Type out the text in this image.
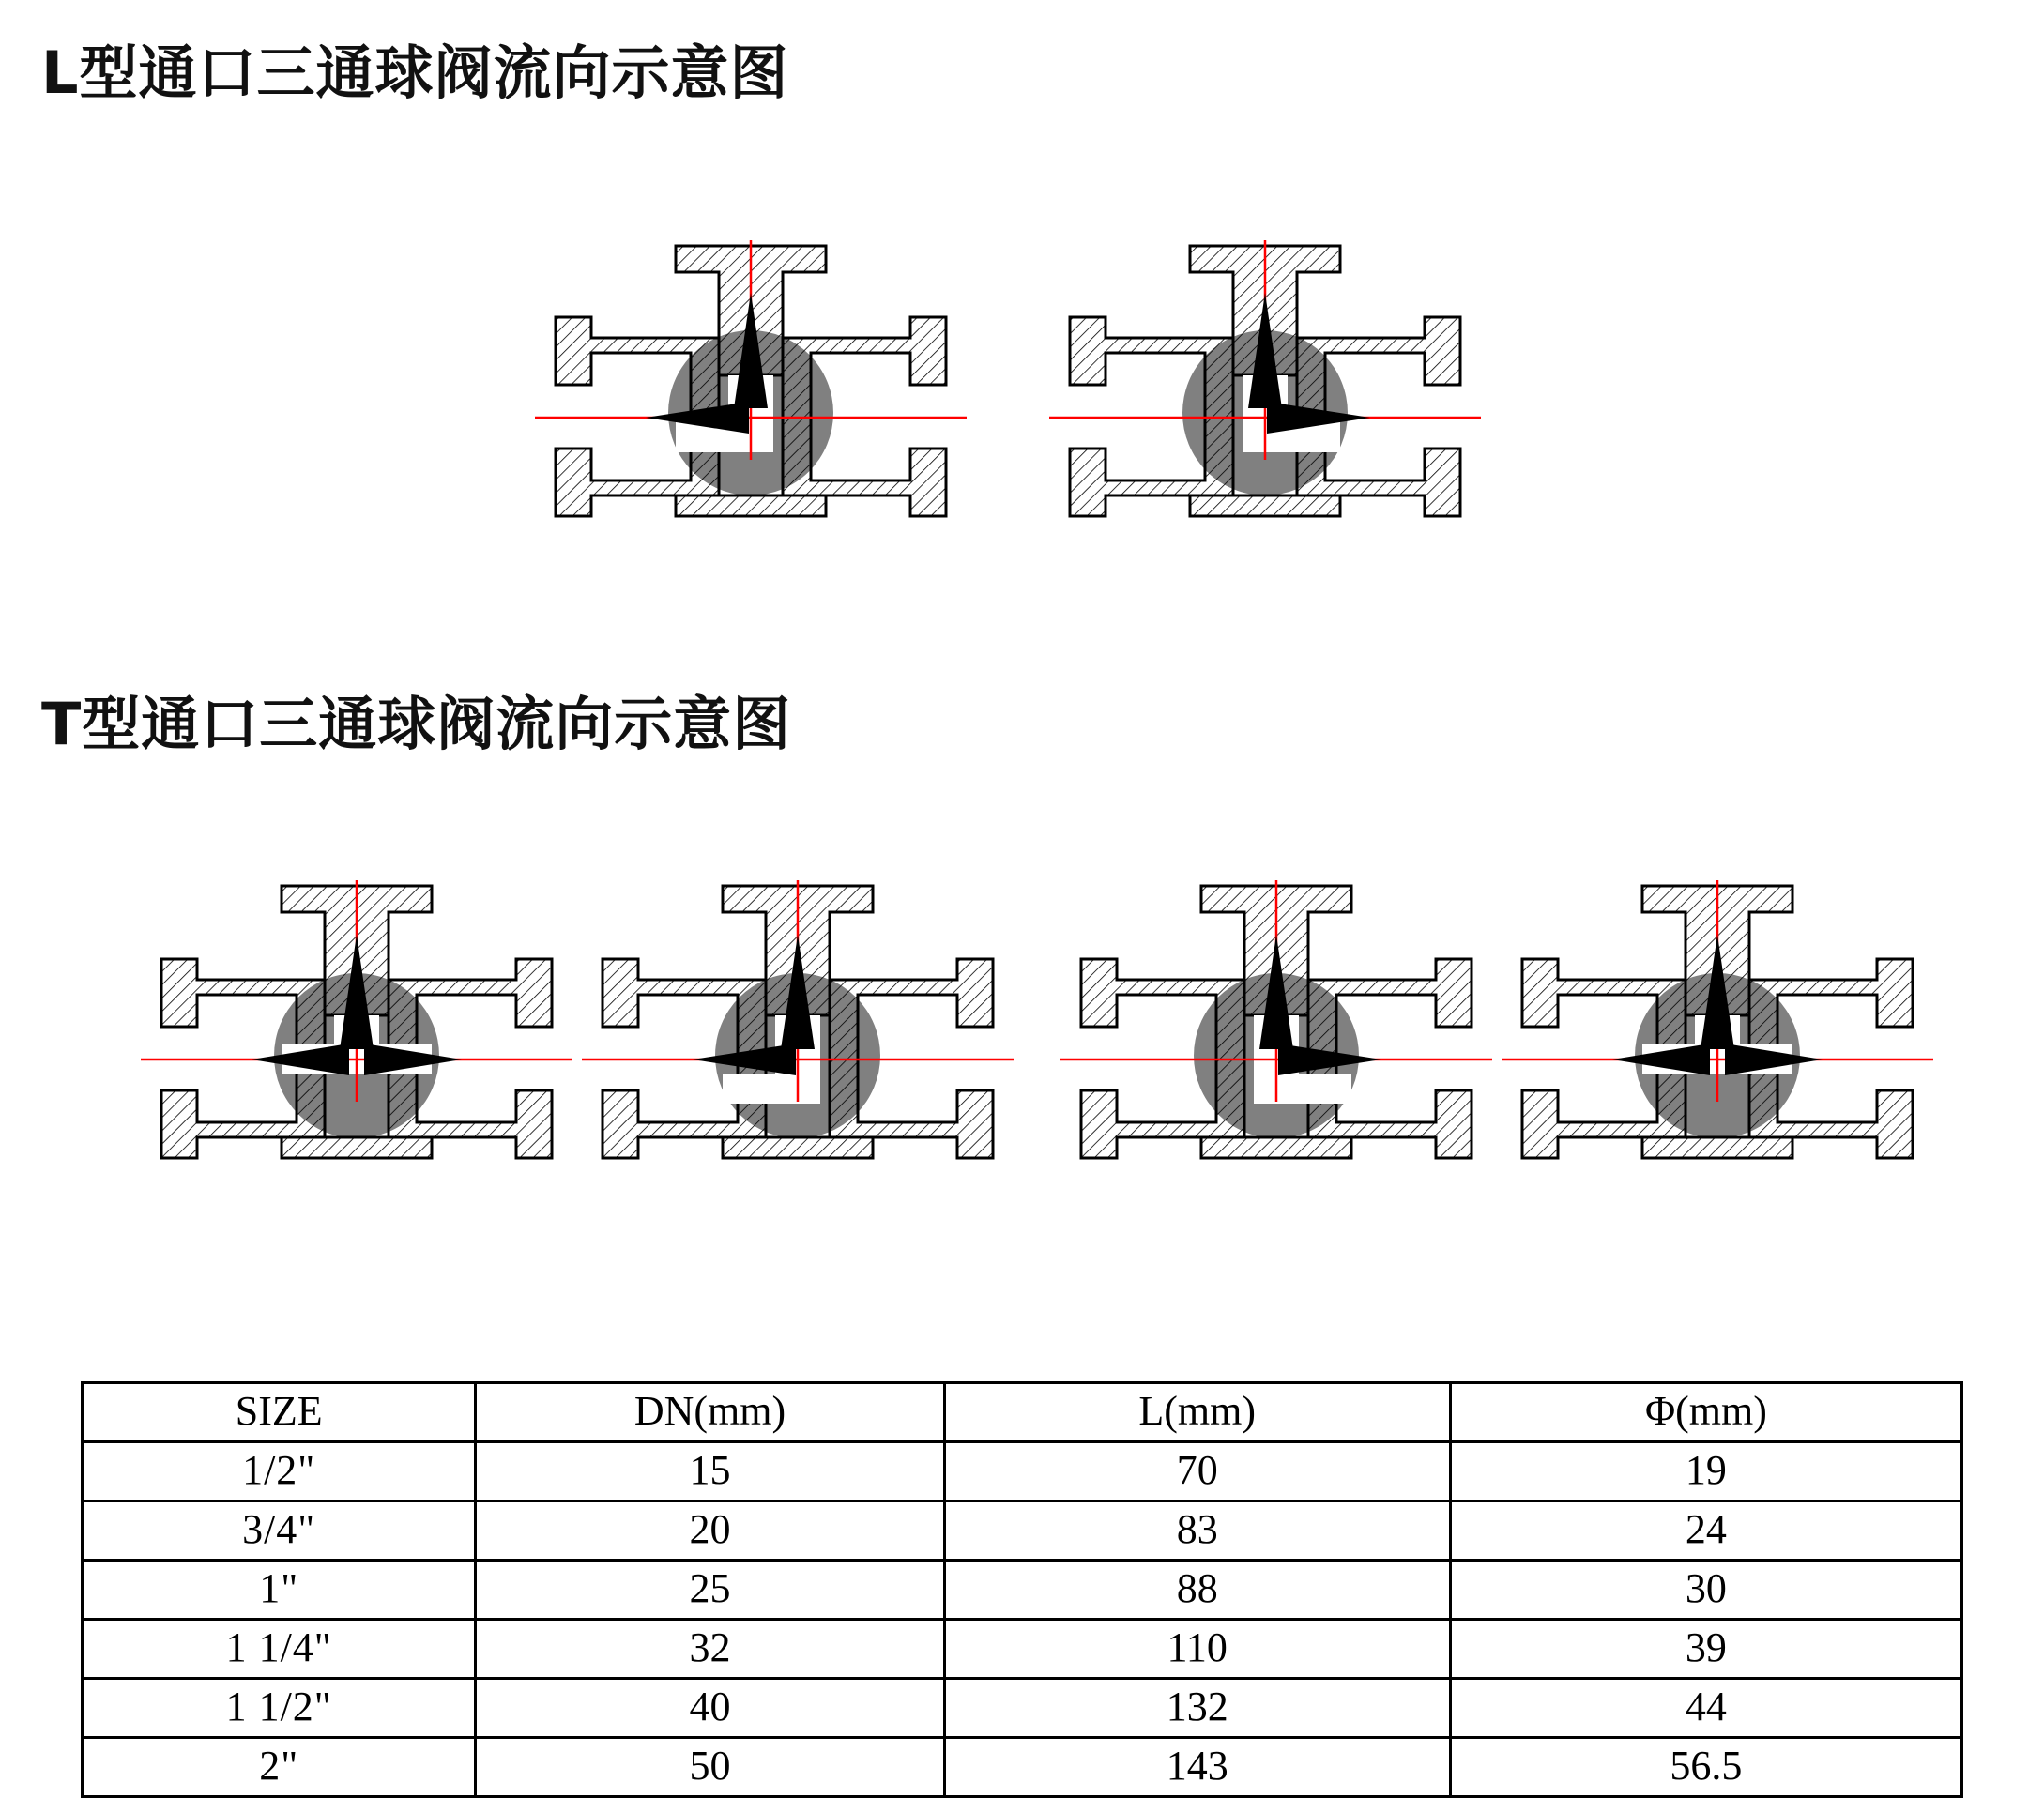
L型通口三通球阀流向示意图
T型通口三通球阀流向示意图
SIZE	DN(mm)	L(mm)	Φ(mm)
1/2"	15	70	19
3/4"	20	83	24
1"	25	88	30
1 1/4"	32	110	39
1 1/2"	40	132	44
2"	50	143	56.5
